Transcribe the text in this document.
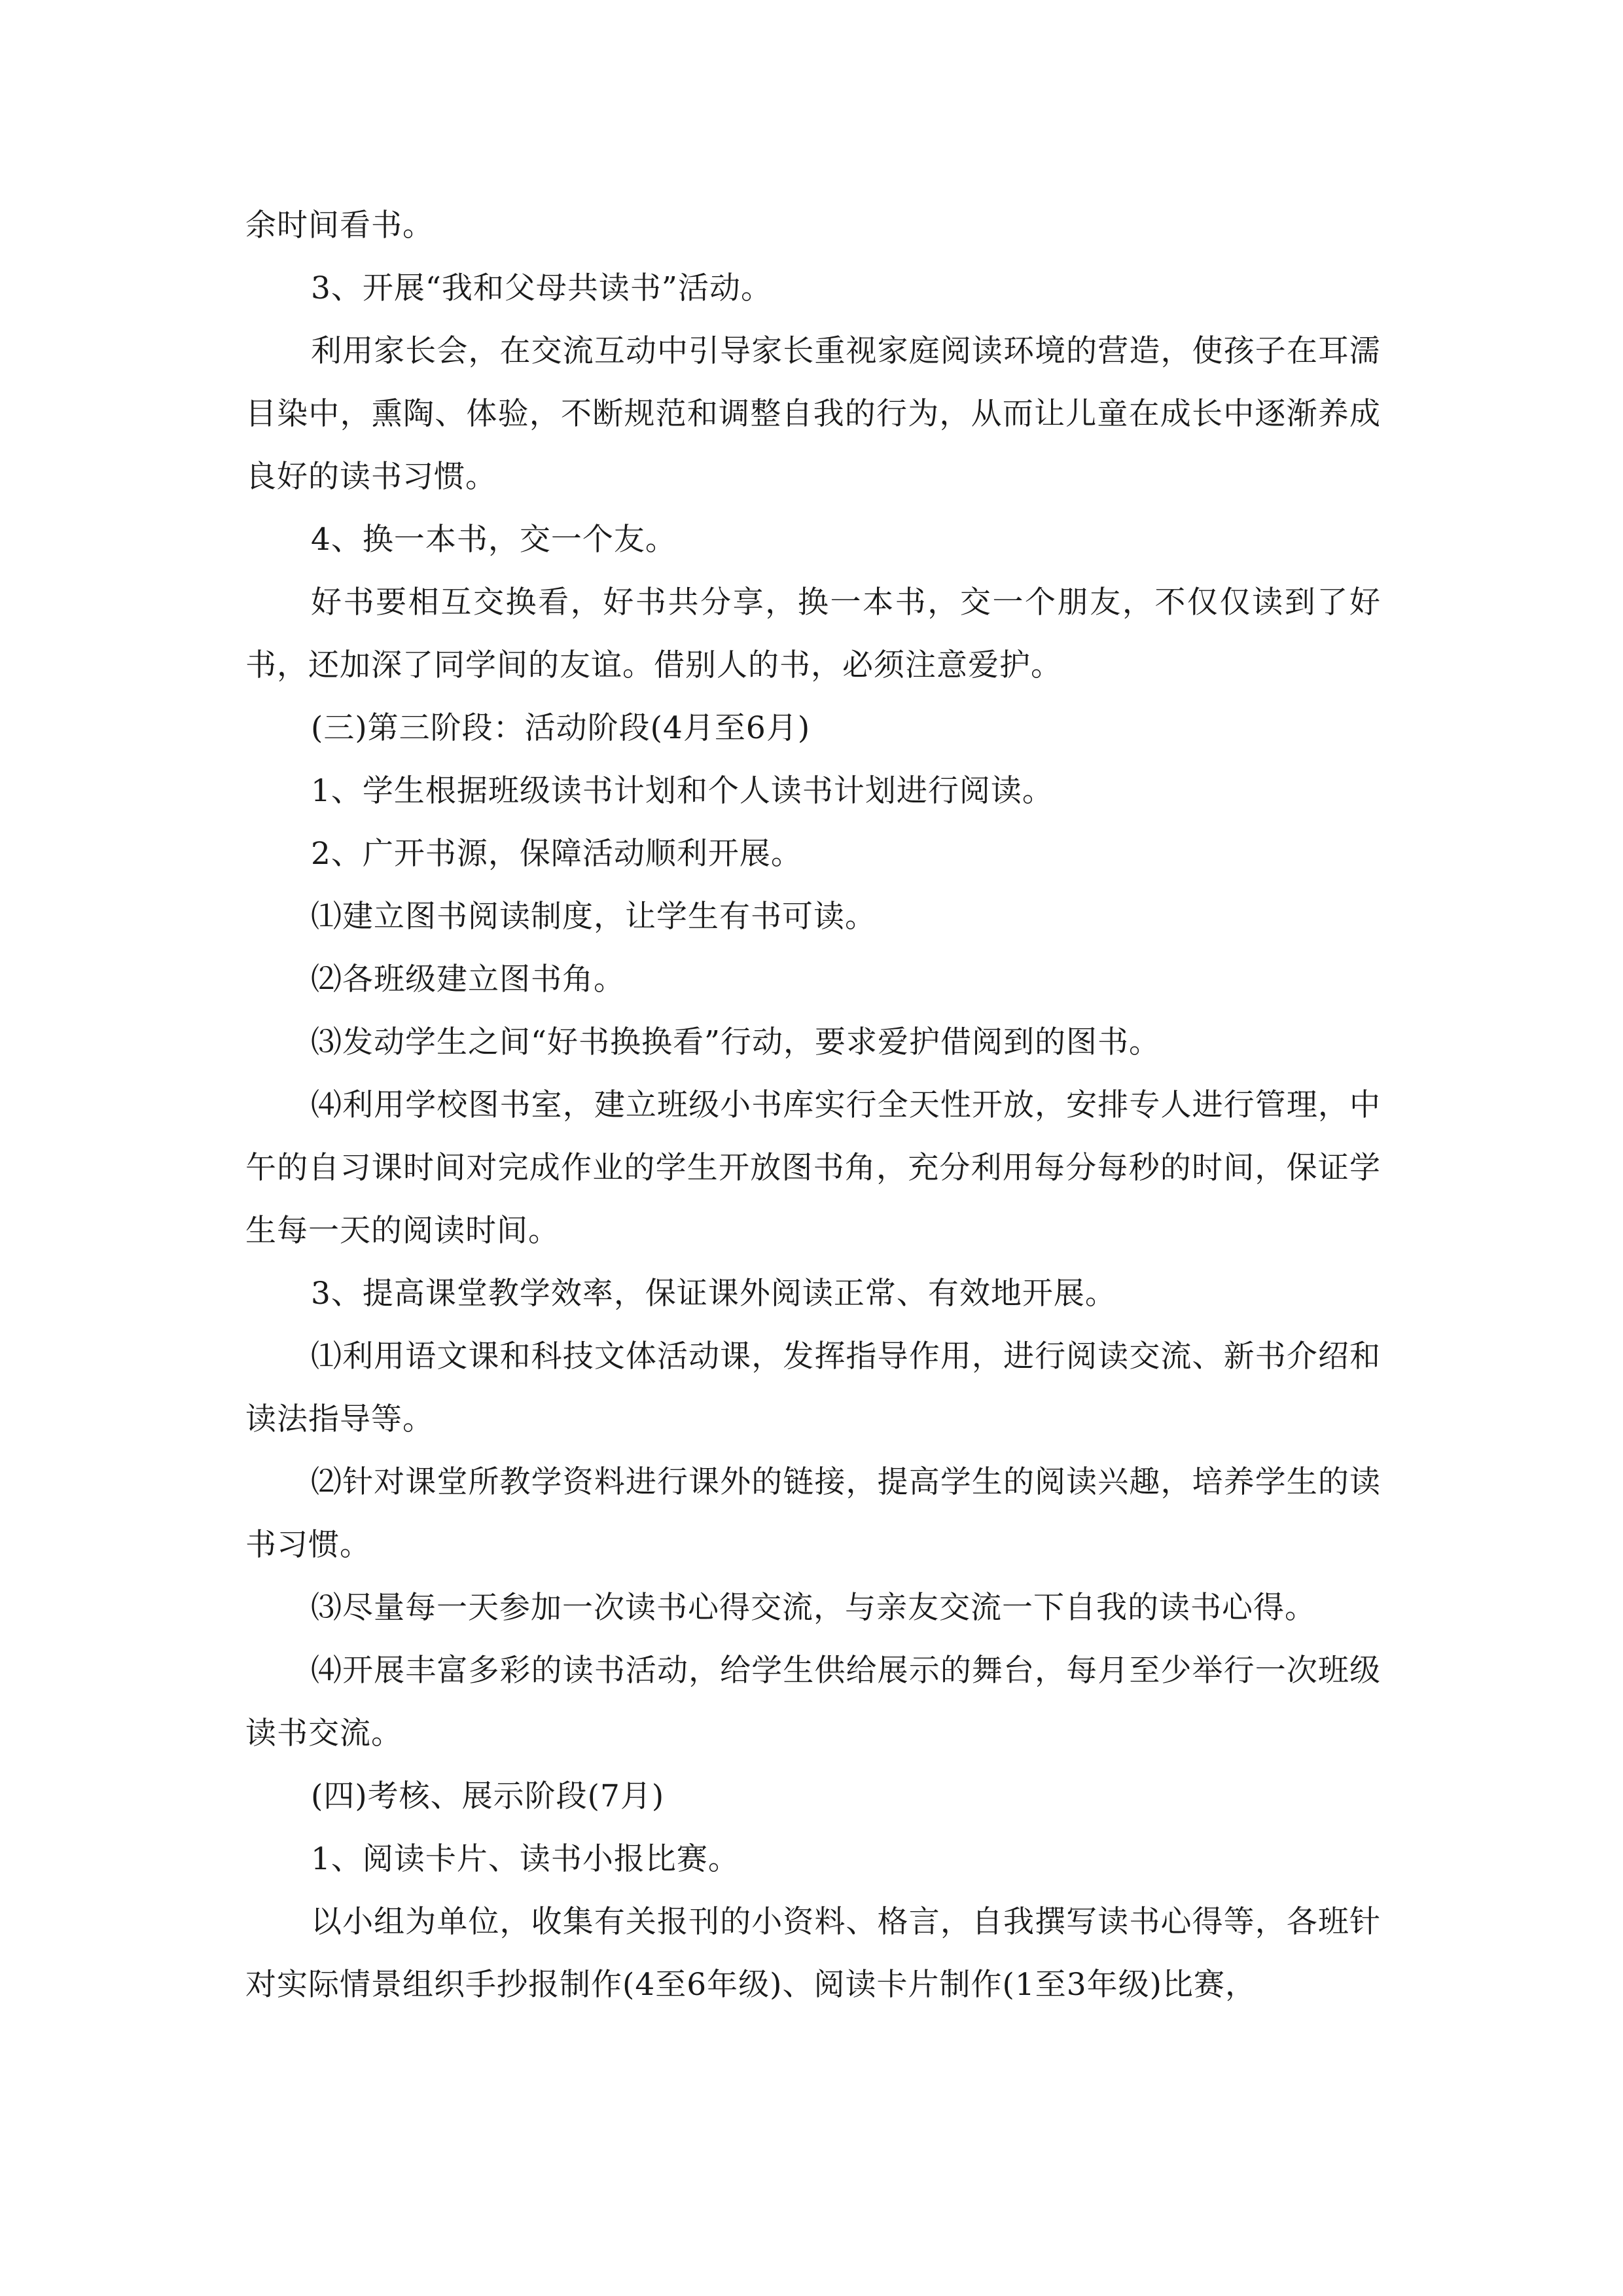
余时间看书。

3、开展“我和父母共读书”活动。

利用家长会，在交流互动中引导家长重视家庭阅读环境的营造，使孩子在耳濡目染中，熏陶、体验，不断规范和调整自我的行为，从而让儿童在成长中逐渐养成良好的读书习惯。

4、换一本书，交一个友。

好书要相互交换看，好书共分享，换一本书，交一个朋友，不仅仅读到了好书，还加深了同学间的友谊。借别人的书，必须注意爱护。

(三)第三阶段：活动阶段(4月至6月)

1、学生根据班级读书计划和个人读书计划进行阅读。

2、广开书源，保障活动顺利开展。

⑴建立图书阅读制度，让学生有书可读。

⑵各班级建立图书角。

⑶发动学生之间“好书换换看”行动，要求爱护借阅到的图书。

⑷利用学校图书室，建立班级小书库实行全天性开放，安排专人进行管理，中午的自习课时间对完成作业的学生开放图书角，充分利用每分每秒的时间，保证学生每一天的阅读时间。

3、提高课堂教学效率，保证课外阅读正常、有效地开展。

⑴利用语文课和科技文体活动课，发挥指导作用，进行阅读交流、新书介绍和读法指导等。

⑵针对课堂所教学资料进行课外的链接，提高学生的阅读兴趣，培养学生的读书习惯。

⑶尽量每一天参加一次读书心得交流，与亲友交流一下自我的读书心得。

⑷开展丰富多彩的读书活动，给学生供给展示的舞台，每月至少举行一次班级读书交流。

(四)考核、展示阶段(7月)

1、阅读卡片、读书小报比赛。

以小组为单位，收集有关报刊的小资料、格言，自我撰写读书心得等，各班针对实际情景组织手抄报制作(4至6年级)、阅读卡片制作(1至3年级)比赛，
